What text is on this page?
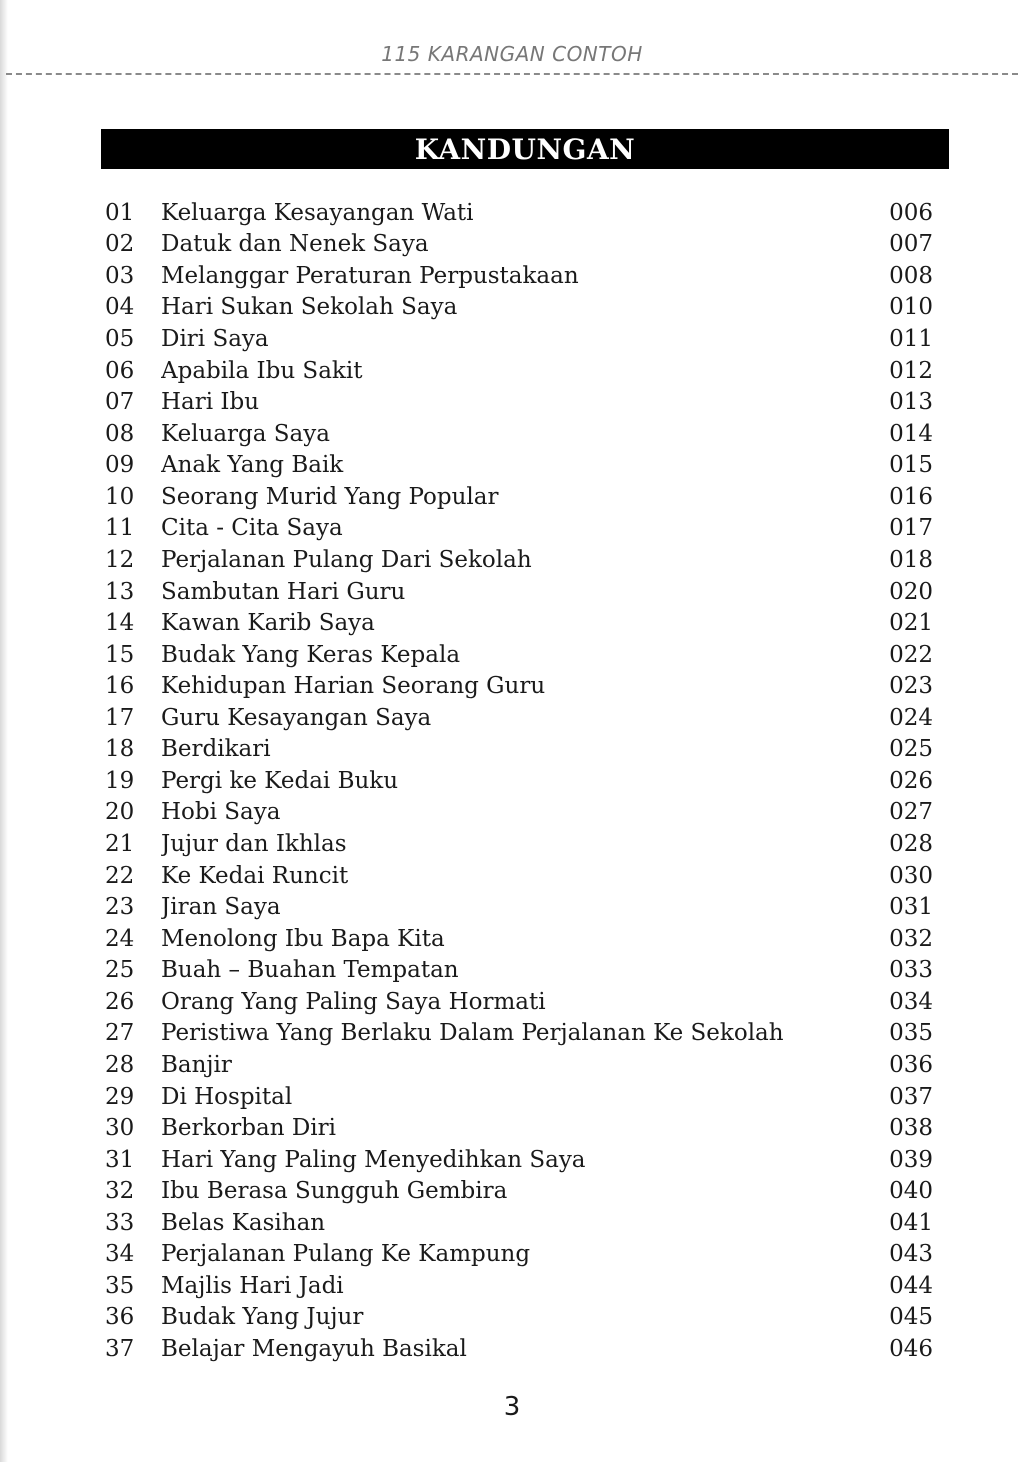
115 KARANGAN CONTOH
KANDUNGAN
01	Keluarga Kesayangan Wati	006
02	Datuk dan Nenek Saya	007
03	Melanggar Peraturan Perpustakaan	008
04	Hari Sukan Sekolah Saya	010
05	Diri Saya	011
06	Apabila Ibu Sakit	012
07	Hari Ibu	013
08	Keluarga Saya	014
09	Anak Yang Baik	015
10	Seorang Murid Yang Popular	016
11	Cita - Cita Saya	017
12	Perjalanan Pulang Dari Sekolah	018
13	Sambutan Hari Guru	020
14	Kawan Karib Saya	021
15	Budak Yang Keras Kepala	022
16	Kehidupan Harian Seorang Guru	023
17	Guru Kesayangan Saya	024
18	Berdikari	025
19	Pergi ke Kedai Buku	026
20	Hobi Saya	027
21	Jujur dan Ikhlas	028
22	Ke Kedai Runcit	030
23	Jiran Saya	031
24	Menolong Ibu Bapa Kita	032
25	Buah – Buahan Tempatan	033
26	Orang Yang Paling Saya Hormati	034
27	Peristiwa Yang Berlaku Dalam Perjalanan Ke Sekolah	035
28	Banjir	036
29	Di Hospital	037
30	Berkorban Diri	038
31	Hari Yang Paling Menyedihkan Saya	039
32	Ibu Berasa Sungguh Gembira	040
33	Belas Kasihan	041
34	Perjalanan Pulang Ke Kampung	043
35	Majlis Hari Jadi	044
36	Budak Yang Jujur	045
37	Belajar Mengayuh Basikal	046
3
